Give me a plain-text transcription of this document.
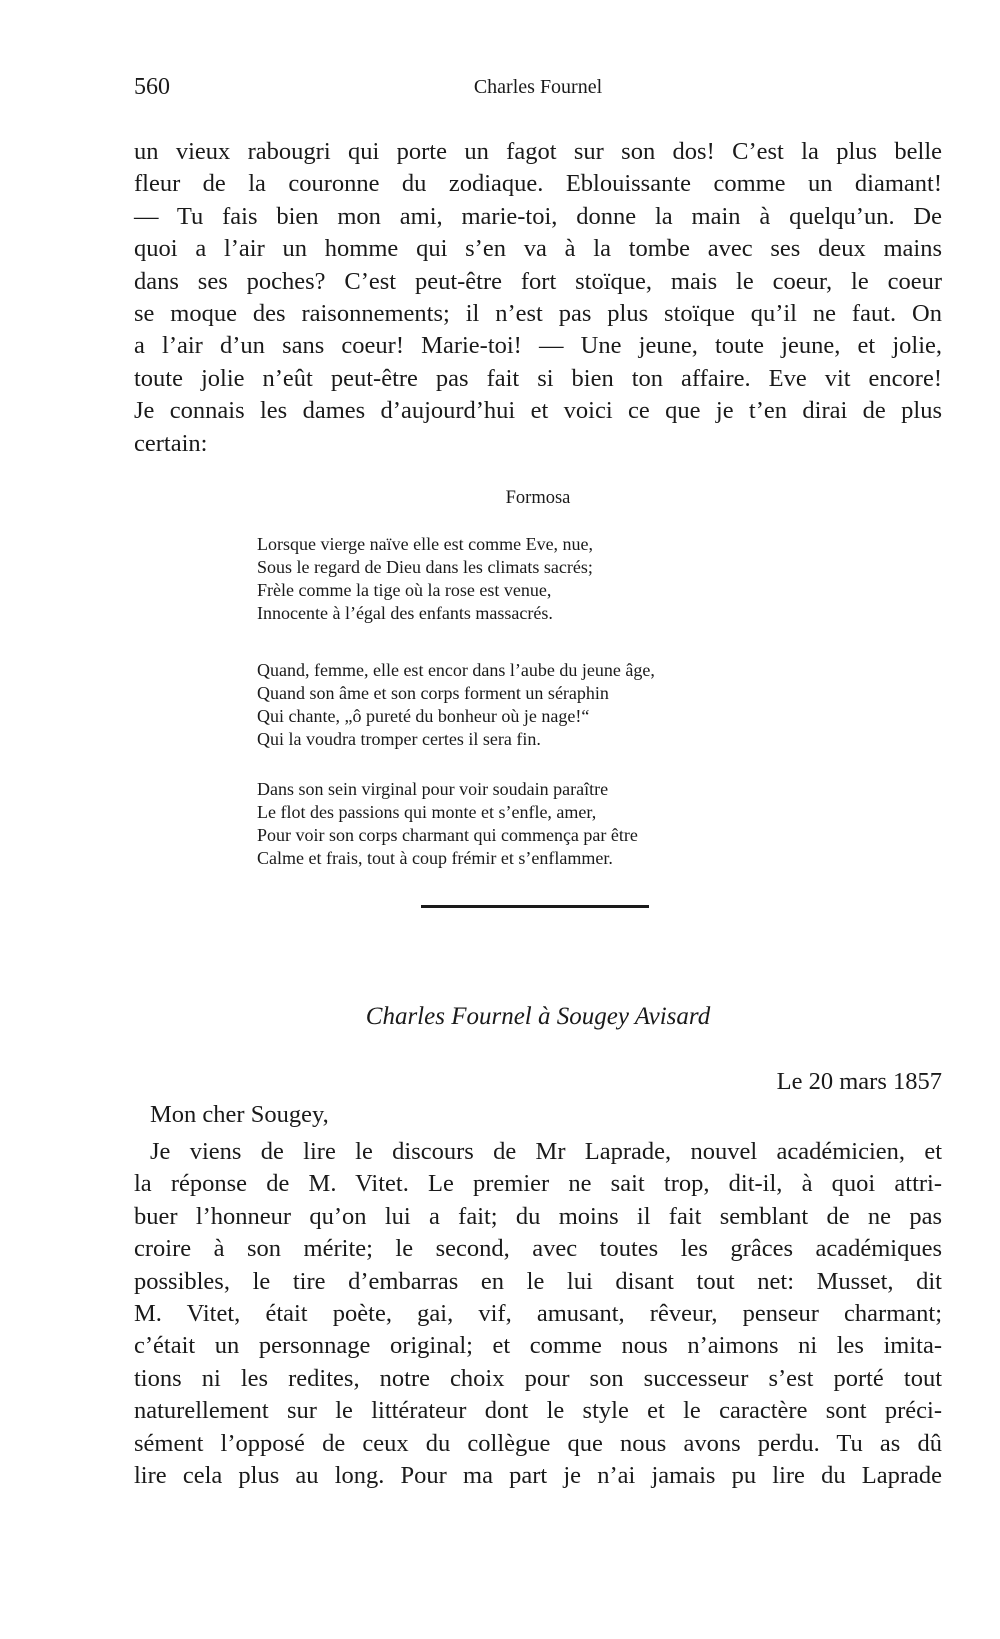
560	Charles Fournel

un vieux rabougri qui porte un fagot sur son dos! C’est la plus belle

fleur de la couronne du zodiaque. Eblouissante comme un diamant!

— Tu fais bien mon ami, marie-toi, donne la main à quelqu’un. De

quoi a l’air un homme qui s’en va à la tombe avec ses deux mains

dans ses poches? C’est peut-être fort stoïque, mais le coeur, le coeur

se moque des raisonnements; il n’est pas plus stoïque qu’il ne faut. On

a l’air d’un sans coeur! Marie-toi! — Une jeune, toute jeune, et jolie,

toute jolie n’eût peut-être pas fait si bien ton affaire. Eve vit encore!

Je connais les dames d’aujourd’hui et voici ce que je t’en dirai de plus

certain:

Formosa
Lorsque vierge naïve elle est comme Eve, nue,
Sous le regard de Dieu dans les climats sacrés;
Frèle comme la tige où la rose est venue,
Innocente à l’égal des enfants massacrés.
Quand, femme, elle est encor dans l’aube du jeune âge,
Quand son âme et son corps forment un séraphin
Qui chante, „ô pureté du bonheur où je nage!“
Qui la voudra tromper certes il sera fin.
Dans son sein virginal pour voir soudain paraître
Le flot des passions qui monte et s’enfle, amer,
Pour voir son corps charmant qui commença par être
Calme et frais, tout à coup frémir et s’enflammer.
Charles Fournel à Sougey Avisard
Le 20 mars 1857
Mon cher Sougey,

Je viens de lire le discours de Mr Laprade, nouvel académicien, et

la réponse de M. Vitet. Le premier ne sait trop, dit-il, à quoi attri-

buer l’honneur qu’on lui a fait; du moins il fait semblant de ne pas

croire à son mérite; le second, avec toutes les grâces académiques

possibles, le tire d’embarras en le lui disant tout net: Musset, dit

M. Vitet, était poète, gai, vif, amusant, rêveur, penseur charmant;

c’était un personnage original; et comme nous n’aimons ni les imita-

tions ni les redites, notre choix pour son successeur s’est porté tout

naturellement sur le littérateur dont le style et le caractère sont préci-

sément l’opposé de ceux du collègue que nous avons perdu. Tu as dû

lire cela plus au long. Pour ma part je n’ai jamais pu lire du Laprade
